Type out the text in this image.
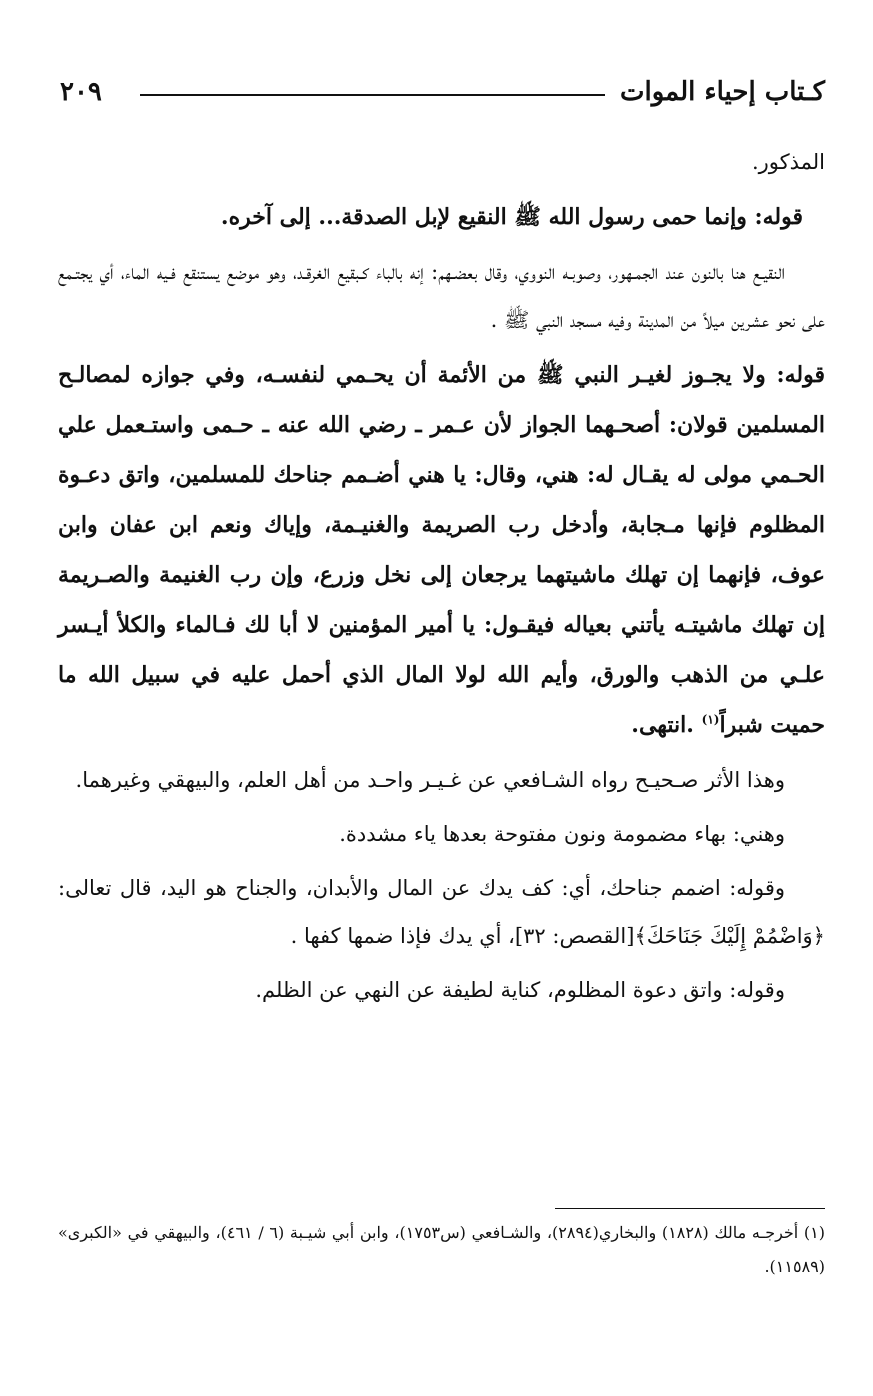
كـتاب إحياء الموات
٢٠٩

المذكور.

قوله: وإنما حمى رسول الله ﷺ النقيع لإبل الصدقة... إلى آخره.

النقيـع هنا بالنون عند الجمـهور، وصوبـه النووي، وقال بعضـهم: إنه بالباء كـبقيع الغرقـد، وهو موضع يستنقع فـيه الماء، أي يجتـمع على نحو عشرين ميلاً من المدينة وفيه مسجد النبي ﷺ .

قوله: ولا يجـوز لغيـر النبي ﷺ من الأئمة أن يحـمي لنفسـه، وفي جوازه لمصالـح المسلمين قولان: أصحـهما الجواز لأن عـمر ـ رضي الله عنه ـ حـمى واستـعمل علي الحـمي مولى له يقـال له: هني، وقال: يا هني أضـمم جناحك للمسلمين، واتق دعـوة المظلوم فإنها مـجابة، وأدخل رب الصريمة والغنيـمة، وإياك ونعم ابن عفان وابن عوف، فإنهما إن تهلك ماشيتهما يرجعان إلى نخل وزرع، وإن رب الغنيمة والصـريمة إن تهلك ماشيتـه يأتني بعياله فيقـول: يا أمير المؤمنين لا أبا لك فـالماء والكلأ أيـسر علـي من الذهب والورق، وأيم الله لولا المال الذي أحمل عليه في سبيل الله ما حميت شبراً$^{(١)}$ .انتهى.

وهذا الأثر صـحيـح رواه الشـافعي عن غـيـر واحـد من أهل العلم، والبيهقي وغيرهما.

وهني: بهاء مضمومة ونون مفتوحة بعدها ياء مشددة.

وقوله: اضمم جناحك، أي: كف يدك عن المال والأبدان، والجناح هو اليد، قال تعالى: ﴿وَاضْمُمْ إِلَيْكَ جَنَاحَكَ﴾[القصص: ٣٢]، أي يدك فإذا ضمها كفها .

وقوله: واتق دعوة المظلوم، كناية لطيفة عن النهي عن الظلم.

(١) أخرجـه مالك (١٨٢٨) والبخاري(٢٨٩٤)، والشـافعي (س١٧٥٣)، وابن أبي شيـبة (٦ / ٤٦١)، والبيهقي في «الكبرى» (١١٥٨٩).
